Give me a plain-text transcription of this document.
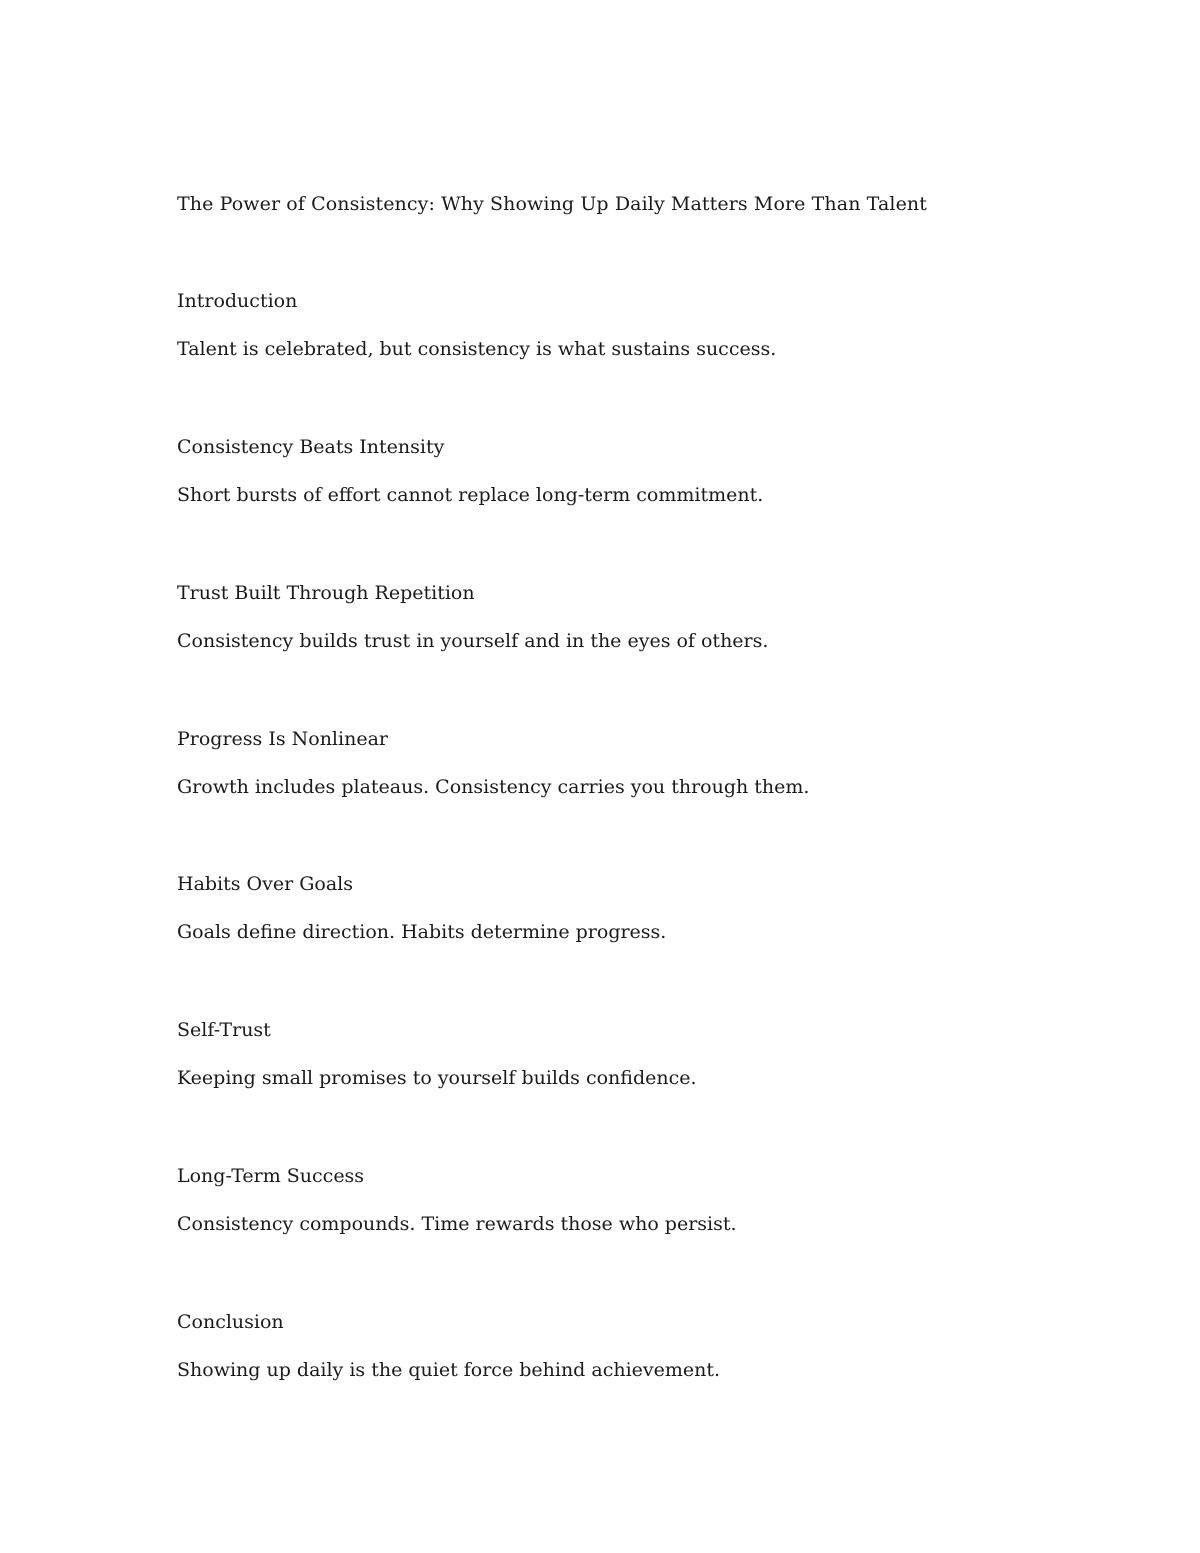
The Power of Consistency: Why Showing Up Daily Matters More Than Talent

Introduction

Talent is celebrated, but consistency is what sustains success.

Consistency Beats Intensity

Short bursts of effort cannot replace long-term commitment.

Trust Built Through Repetition

Consistency builds trust in yourself and in the eyes of others.

Progress Is Nonlinear

Growth includes plateaus. Consistency carries you through them.

Habits Over Goals

Goals define direction. Habits determine progress.

Self-Trust

Keeping small promises to yourself builds confidence.

Long-Term Success

Consistency compounds. Time rewards those who persist.

Conclusion

Showing up daily is the quiet force behind achievement.
